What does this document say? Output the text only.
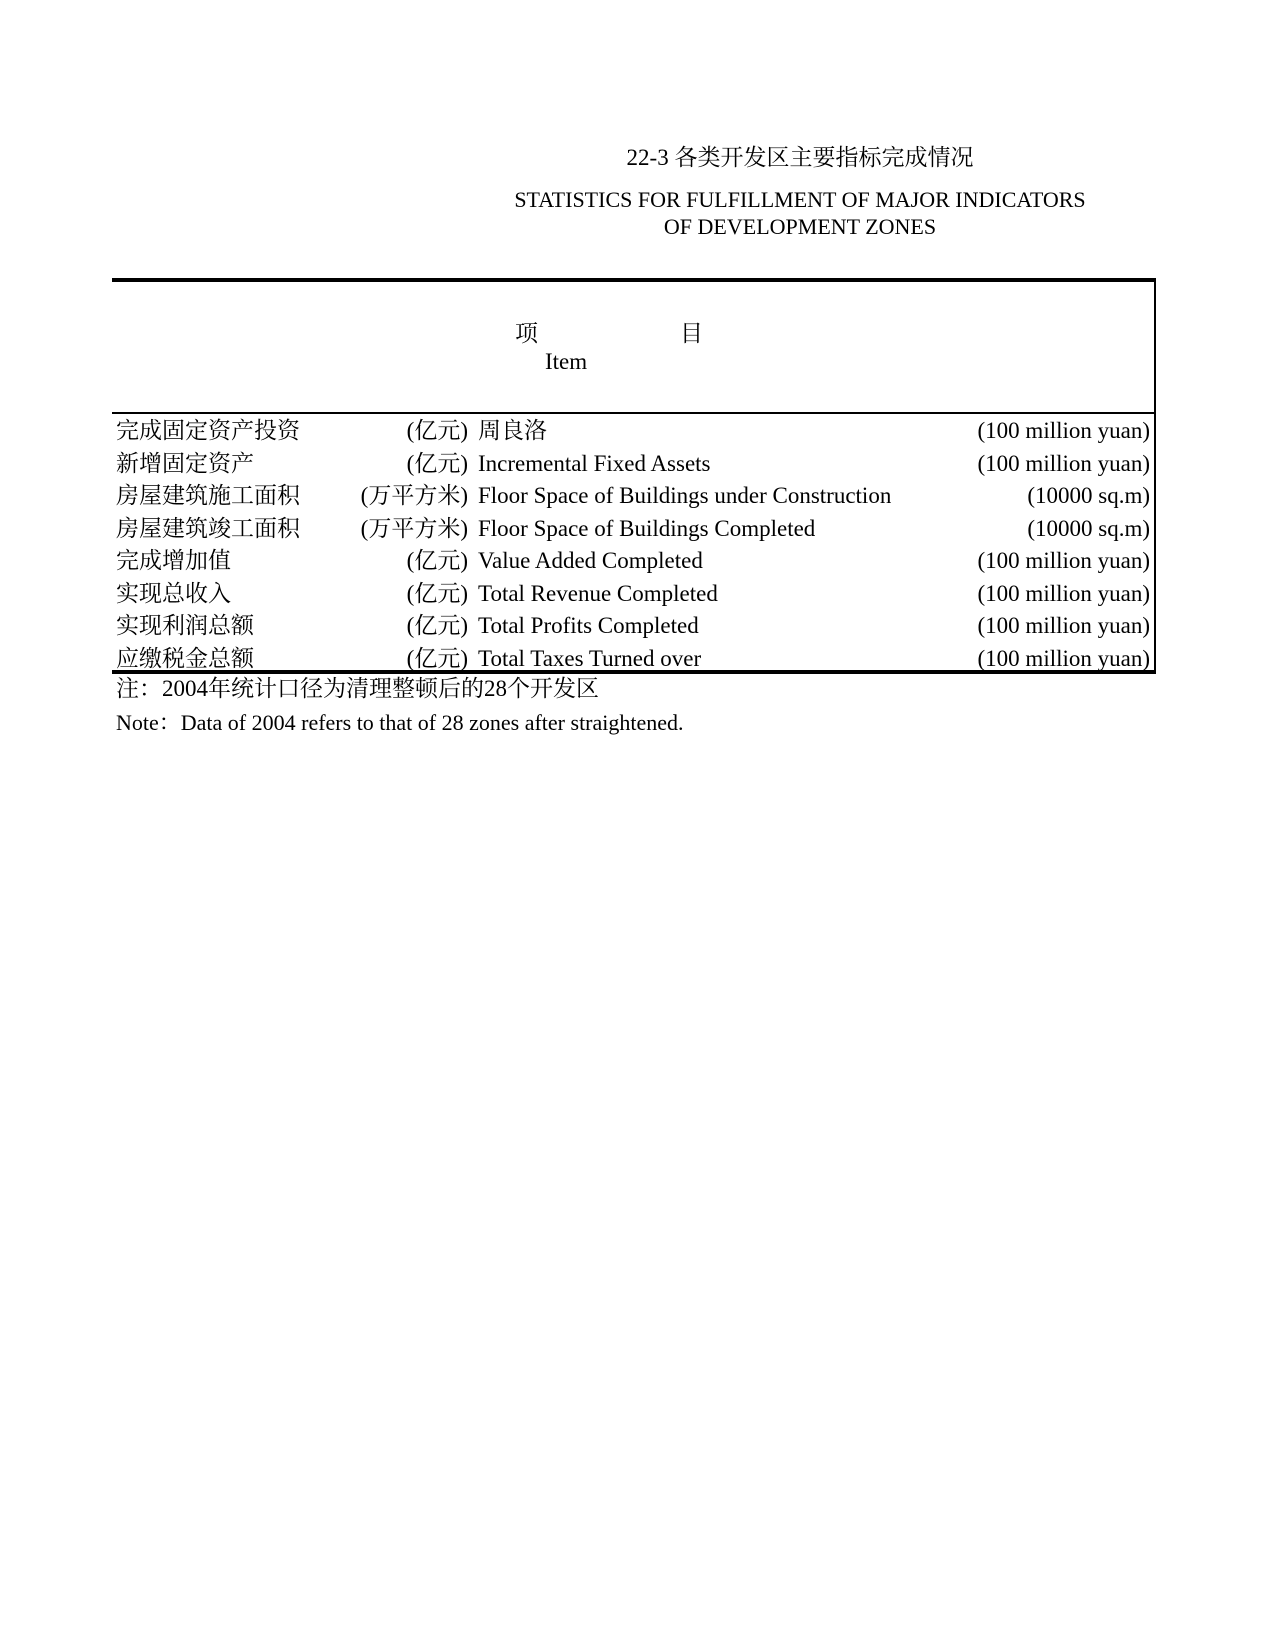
22-3 各类开发区主要指标完成情况
STATISTICS FOR FULFILLMENT OF MAJOR INDICATORS
OF DEVELOPMENT ZONES
项	目
Item
完成固定资产投资	(亿元) 周良洛	(100 million yuan)
新增固定资产	(亿元) Incremental Fixed Assets	(100 million yuan)
房屋建筑施工面积	(万平方米) Floor Space of Buildings under Construction	(10000 sq.m)
房屋建筑竣工面积	(万平方米) Floor Space of Buildings Completed	(10000 sq.m)
完成增加值	(亿元) Value Added Completed	(100 million yuan)
实现总收入	(亿元) Total Revenue Completed	(100 million yuan)
实现利润总额	(亿元) Total Profits Completed	(100 million yuan)
应缴税金总额	(亿元) Total Taxes Turned over	(100 million yuan)
注：2004年统计口径为清理整顿后的28个开发区
Note：Data of 2004 refers to that of 28 zones after straightened.
